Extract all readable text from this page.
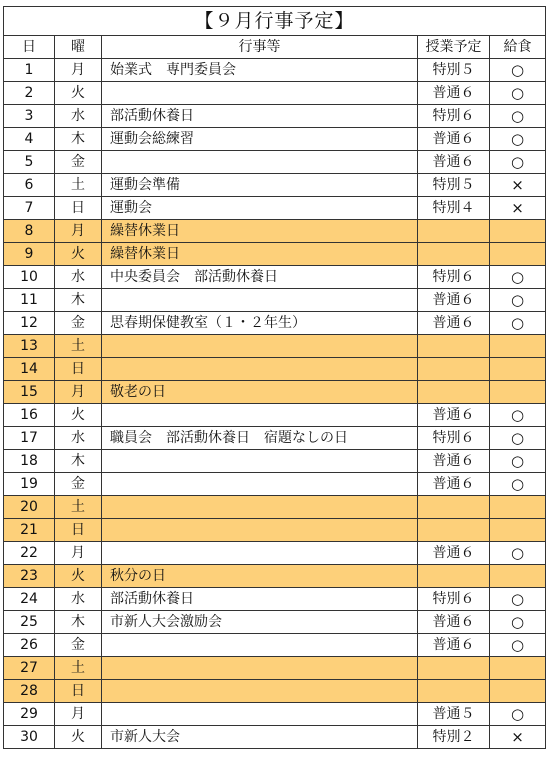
【９月行事予定】				
日	曜	行事等	授業予定	給食
1	月	始業式　専門委員会	特別５	○
2	火		普通６	○
3	水	部活動休養日	特別６	○
4	木	運動会総練習	普通６	○
5	金		普通６	○
6	土	運動会準備	特別５	×
7	日	運動会	特別４	×
8	月	繰替休業日		
9	火	繰替休業日		
10	水	中央委員会　部活動休養日	特別６	○
11	木		普通６	○
12	金	思春期保健教室（１・２年生）	普通６	○
13	土			
14	日			
15	月	敬老の日		
16	火		普通６	○
17	水	職員会　部活動休養日　宿題なしの日	特別６	○
18	木		普通６	○
19	金		普通６	○
20	土			
21	日			
22	月		普通６	○
23	火	秋分の日		
24	水	部活動休養日	特別６	○
25	木	市新人大会激励会	普通６	○
26	金		普通６	○
27	土			
28	日			
29	月		普通５	○
30	火	市新人大会	特別２	×
